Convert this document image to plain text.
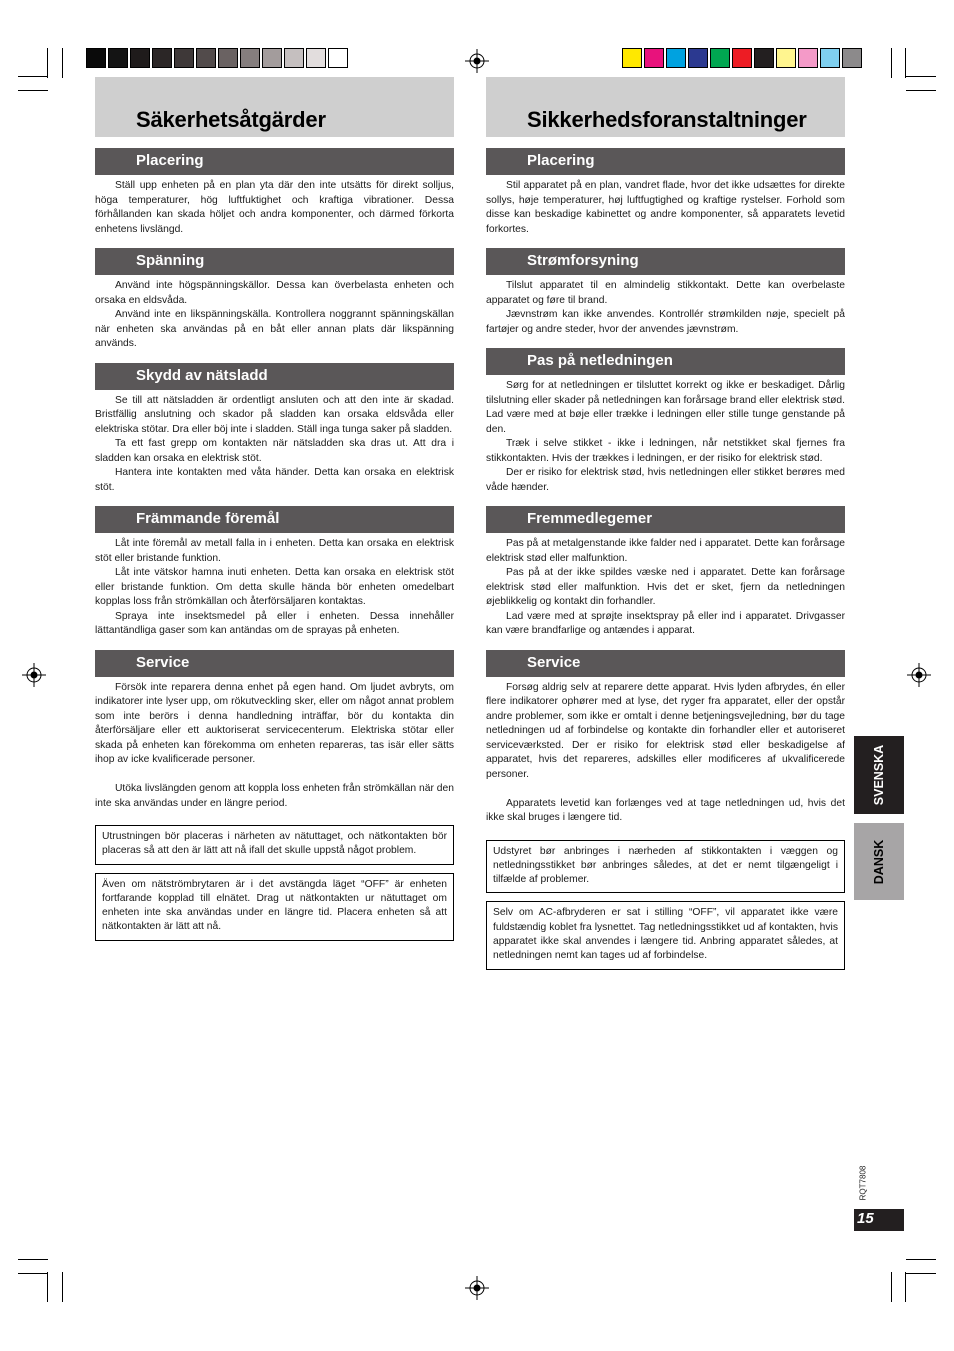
Säkerhetsåtgärder
Placering

Ställ upp enheten på en plan yta där den inte utsätts för direkt solljus, höga temperaturer, hög luftfuktighet och kraftiga vibrationer. Dessa förhållanden kan skada höljet och andra komponenter, och därmed förkorta enhetens livslängd.

Spänning

Använd inte högspänningskällor. Dessa kan överbelasta enheten och orsaka en eldsvåda.

Använd inte en likspänningskälla. Kontrollera noggrannt spänningskällan när enheten ska användas på en båt eller annan plats där likspänning används.

Skydd av nätsladd

Se till att nätsladden är ordentligt ansluten och att den inte är skadad. Bristfällig anslutning och skador på sladden kan orsaka eldsvåda eller elektriska stötar. Dra eller böj inte i sladden. Ställ inga tunga saker på sladden.

Ta ett fast grepp om kontakten när nätsladden ska dras ut. Att dra i sladden kan orsaka en elektrisk stöt.

Hantera inte kontakten med våta händer. Detta kan orsaka en elektrisk stöt.

Främmande föremål

Låt inte föremål av metall falla in i enheten. Detta kan orsaka en elektrisk stöt eller bristande funktion.

Låt inte vätskor hamna inuti enheten. Detta kan orsaka en elektrisk stöt eller bristande funktion. Om detta skulle hända bör enheten omedelbart kopplas loss från strömkällan och återförsäljaren kontaktas.

Spraya inte insektsmedel på eller i enheten. Dessa innehåller lättantändliga gaser som kan antändas om de sprayas på enheten.

Service

Försök inte reparera denna enhet på egen hand. Om ljudet avbryts, om indikatorer inte lyser upp, om rökutveckling sker, eller om något annat problem som inte berörs i denna handledning inträffar, bör du kontakta din återförsäljare eller ett auktoriserat servicecenterum. Elektriska stötar eller skada på enheten kan förekomma om enheten repareras, tas isär eller sätts ihop av icke kvalificerade personer.

Utöka livslängden genom att koppla loss enheten från strömkällan när den inte ska användas under en längre period.

Utrustningen bör placeras i närheten av nätuttaget, och nätkontakten bör placeras så att den är lätt att nå ifall det skulle uppstå något problem.
Även om nätströmbrytaren är i det avstängda läget “OFF” är enheten fortfarande kopplad till elnätet. Drag ut nätkontakten ur nätuttaget om enheten inte ska användas under en längre tid. Placera enheten så att nätkontakten är lätt att nå.
Sikkerhedsforanstaltninger
Placering

Stil apparatet på en plan, vandret flade, hvor det ikke udsættes for direkte sollys, høje temperaturer, høj luftfugtighed og kraftige rystelser. Forhold som disse kan beskadige kabinettet og andre komponenter, så apparatets levetid forkortes.

Strømforsyning

Tilslut apparatet til en almindelig stikkontakt. Dette kan overbelaste apparatet og føre til brand.

Jævnstrøm kan ikke anvendes. Kontrollér strømkilden nøje, specielt på fartøjer og andre steder, hvor der anvendes jævnstrøm.

Pas på netledningen

Sørg for at netledningen er tilsluttet korrekt og ikke er beskadiget. Dårlig tilslutning eller skader på netledningen kan forårsage brand eller elektrisk stød. Lad være med at bøje eller trække i ledningen eller stille tunge genstande på den.

Træk i selve stikket - ikke i ledningen, når netstikket skal fjernes fra stikkontakten. Hvis der trækkes i ledningen, er der risiko for elektrisk stød.

Der er risiko for elektrisk stød, hvis netledningen eller stikket berøres med våde hænder.

Fremmedlegemer

Pas på at metalgenstande ikke falder ned i apparatet. Dette kan forårsage elektrisk stød eller malfunktion.

Pas på at der ikke spildes væske ned i apparatet. Dette kan forårsage elektrisk stød eller malfunktion. Hvis det er sket, fjern da netledningen øjeblikkelig og kontakt din forhandler.

Lad være med at sprøjte insektspray på eller ind i apparatet. Drivgasser kan være brandfarlige og antændes i apparat.

Service

Forsøg aldrig selv at reparere dette apparat. Hvis lyden afbrydes, én eller flere indikatorer ophører med at lyse, det ryger fra apparatet, eller der opstår andre problemer, som ikke er omtalt i denne betjeningsvejledning, bør du tage netledningen ud af forbindelse og kontakte din forhandler eller et autoriseret serviceværksted. Der er risiko for elektrisk stød eller beskadigelse af apparatet, hvis det repareres, adskilles eller modificeres af ukvalificerede personer.

Apparatets levetid kan forlænges ved at tage netledningen ud, hvis det ikke skal bruges i længere tid.

Udstyret bør anbringes i nærheden af stikkontakten i væggen og netledningsstikket bør anbringes således, at det er nemt tilgængeligt i tilfælde af problemer.
Selv om AC-afbryderen er sat i stilling “OFF”, vil apparatet ikke være fuldstændig koblet fra lysnettet. Tag netledningsstikket ud af kontakten, hvis apparatet ikke skal anvendes i længere tid. Anbring apparatet således, at netledningen nemt kan tages ud af forbindelse.
SVENSKA
DANSK
RQT7808
15
